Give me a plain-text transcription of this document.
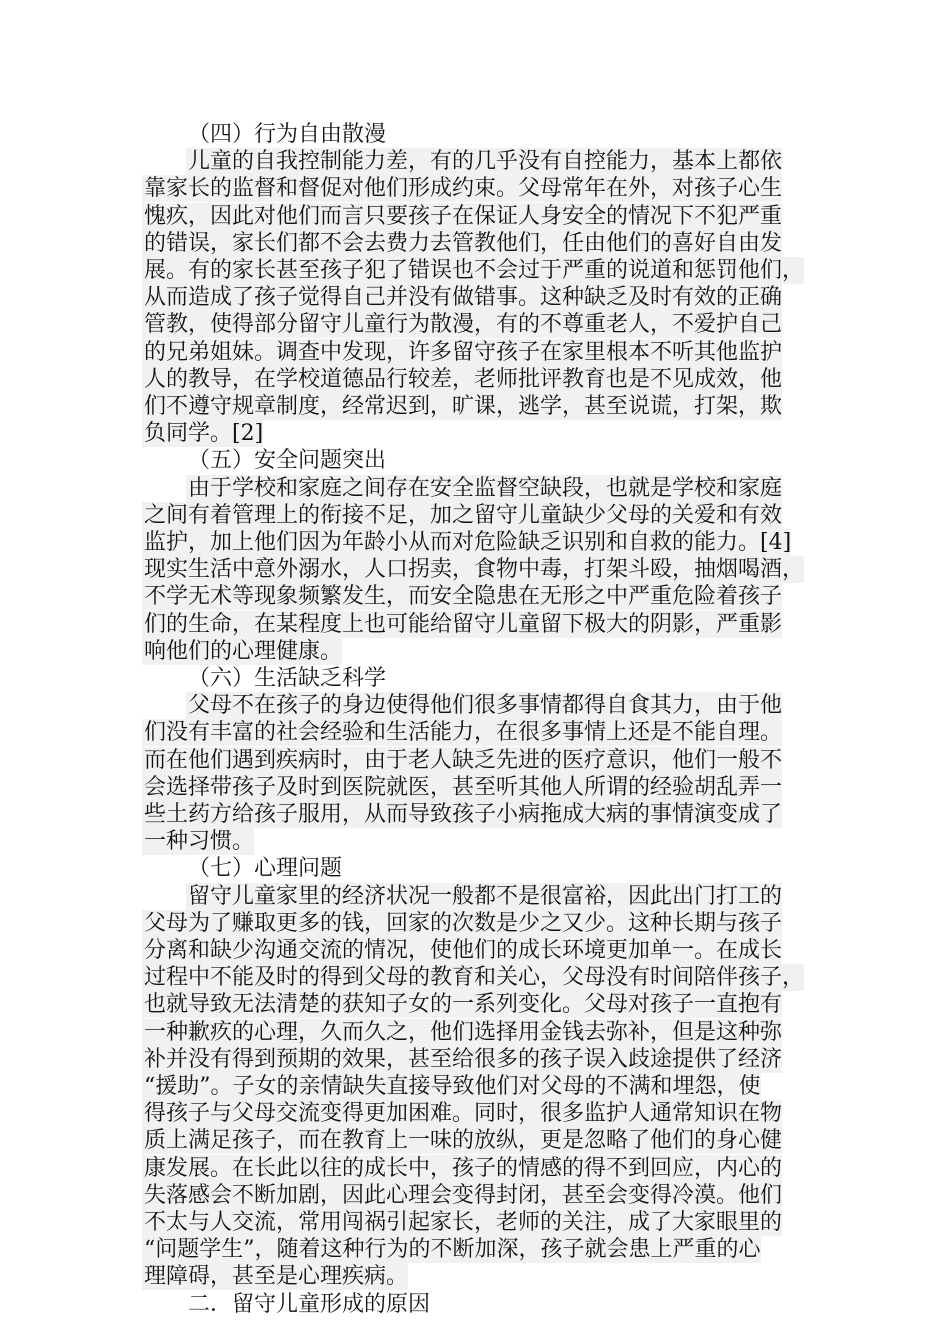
（四）行为自由散漫
儿童的自我控制能力差，有的几乎没有自控能力，基本上都依
靠家长的监督和督促对他们形成约束。父母常年在外，对孩子心生
愧疚，因此对他们而言只要孩子在保证人身安全的情况下不犯严重
的错误，家长们都不会去费力去管教他们，任由他们的喜好自由发
展。有的家长甚至孩子犯了错误也不会过于严重的说道和惩罚他们，
从而造成了孩子觉得自己并没有做错事。这种缺乏及时有效的正确
管教，使得部分留守儿童行为散漫，有的不尊重老人，不爱护自己
的兄弟姐妹。调查中发现，许多留守孩子在家里根本不听其他监护
人的教导，在学校道德品行较差，老师批评教育也是不见成效，他
们不遵守规章制度，经常迟到，旷课，逃学，甚至说谎，打架，欺
负同学。[2]
（五）安全问题突出
由于学校和家庭之间存在安全监督空缺段，也就是学校和家庭
之间有着管理上的衔接不足，加之留守儿童缺少父母的关爱和有效
监护，加上他们因为年龄小从而对危险缺乏识别和自救的能力。[4]
现实生活中意外溺水，人口拐卖，食物中毒，打架斗殴，抽烟喝酒，
不学无术等现象频繁发生，而安全隐患在无形之中严重危险着孩子
们的生命，在某程度上也可能给留守儿童留下极大的阴影，严重影
响他们的心理健康。
（六）生活缺乏科学
父母不在孩子的身边使得他们很多事情都得自食其力，由于他
们没有丰富的社会经验和生活能力，在很多事情上还是不能自理。
而在他们遇到疾病时，由于老人缺乏先进的医疗意识，他们一般不
会选择带孩子及时到医院就医，甚至听其他人所谓的经验胡乱弄一
些土药方给孩子服用，从而导致孩子小病拖成大病的事情演变成了
一种习惯。
（七）心理问题
留守儿童家里的经济状况一般都不是很富裕，因此出门打工的
父母为了赚取更多的钱，回家的次数是少之又少。这种长期与孩子
分离和缺少沟通交流的情况，使他们的成长环境更加单一。在成长
过程中不能及时的得到父母的教育和关心，父母没有时间陪伴孩子，
也就导致无法清楚的获知子女的一系列变化。父母对孩子一直抱有
一种歉疚的心理，久而久之，他们选择用金钱去弥补，但是这种弥
补并没有得到预期的效果，甚至给很多的孩子误入歧途提供了经济
“援助”。子女的亲情缺失直接导致他们对父母的不满和埋怨，使
得孩子与父母交流变得更加困难。同时，很多监护人通常知识在物
质上满足孩子，而在教育上一味的放纵，更是忽略了他们的身心健
康发展。在长此以往的成长中，孩子的情感的得不到回应，内心的
失落感会不断加剧，因此心理会变得封闭，甚至会变得冷漠。他们
不太与人交流，常用闯祸引起家长，老师的关注，成了大家眼里的
“问题学生”，随着这种行为的不断加深，孩子就会患上严重的心
理障碍，甚至是心理疾病。
二．留守儿童形成的原因
